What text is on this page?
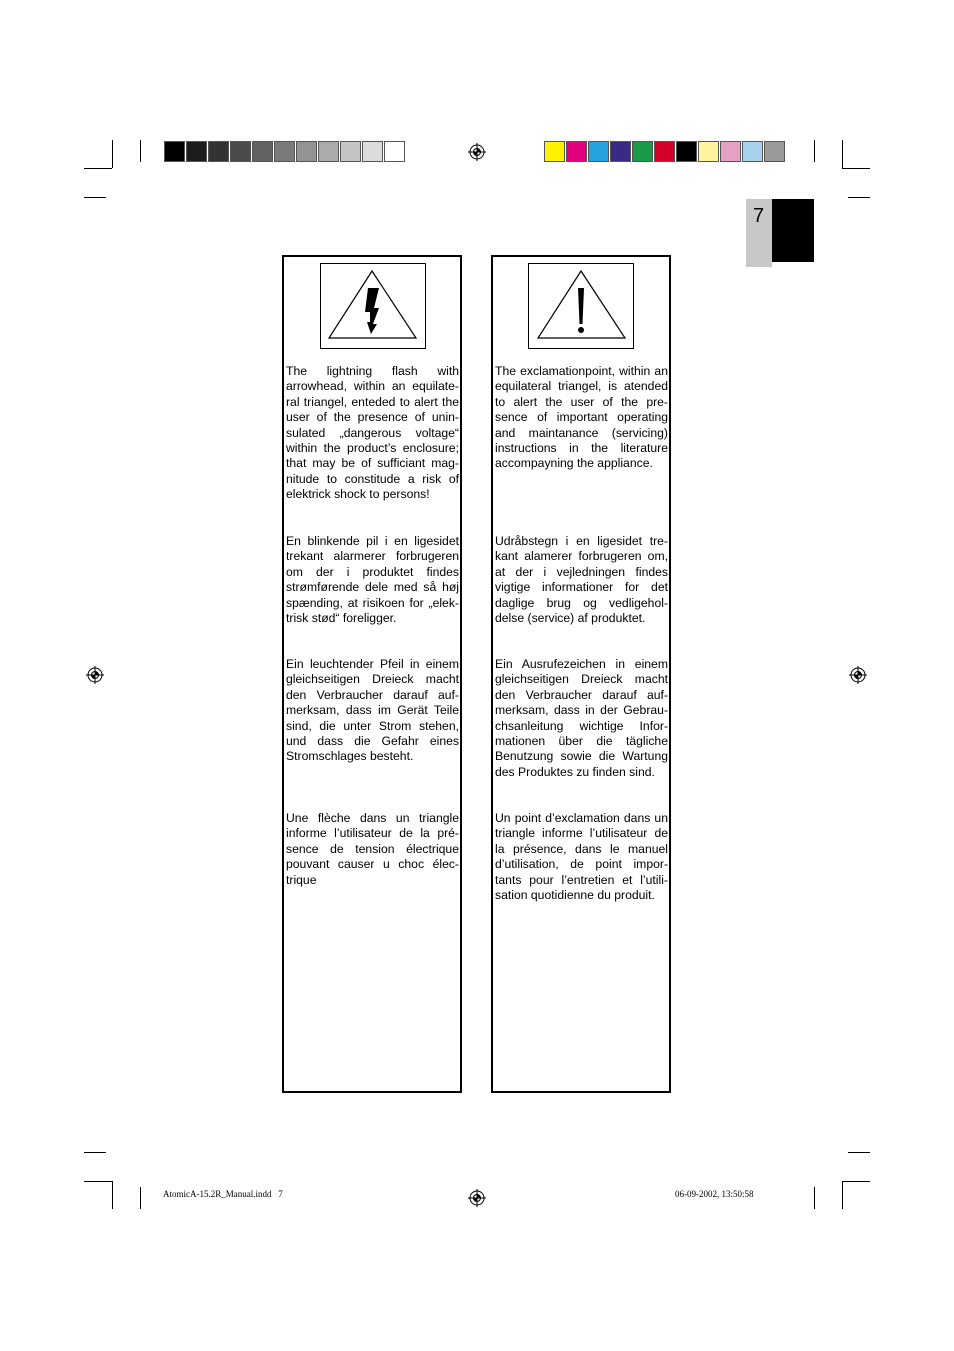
7
The lightning flash with arrowhead, within an equilate-ral triangel, enteded to alert the user of the presence of unin-sulated „dangerous voltage“ within the product’s enclosure; that may be of sufficiant mag-nitude to constitude a risk of elektrick shock to persons!
En blinkende pil i en ligesidet trekant alarmerer forbrugeren om der i produktet findes strømførende dele med så høj spænding, at risikoen for „elek-trisk stød“ foreligger.
Ein leuchtender Pfeil in einem gleichseitigen Dreieck macht den Verbraucher darauf auf-merksam, dass im Gerät Teile sind, die unter Strom stehen, und dass die Gefahr eines Stromschlages besteht.
Une flèche dans un triangle informe l’utilisateur de la pré-sence de tension électrique pouvant causer u choc élec-trique
The exclamationpoint, within an equilateral triangel, is atended to alert the user of the pre-sence of important operating and maintanance (servicing) instructions in the literature accompayning the appliance.
Udråbstegn i en ligesidet tre-kant alamerer forbrugeren om, at der i vejledningen findes vigtige informationer for det daglige brug og vedligehol-delse (service) af produktet.
Ein Ausrufezeichen in einem gleichseitigen Dreieck macht den Verbraucher darauf auf-merksam, dass in der Gebrau-chsanleitung wichtige Infor-mationen über die tägliche Benutzung sowie die Wartung des Produktes zu finden sind.
Un point d’exclamation dans un triangle informe l’utilisateur de la présence, dans le manuel d’utilisation, de point impor-tants pour l’entretien et l’utili-sation quotidienne du produit.
AtomicA-15.2R_Manual.indd   7	06-09-2002, 13:50:58
